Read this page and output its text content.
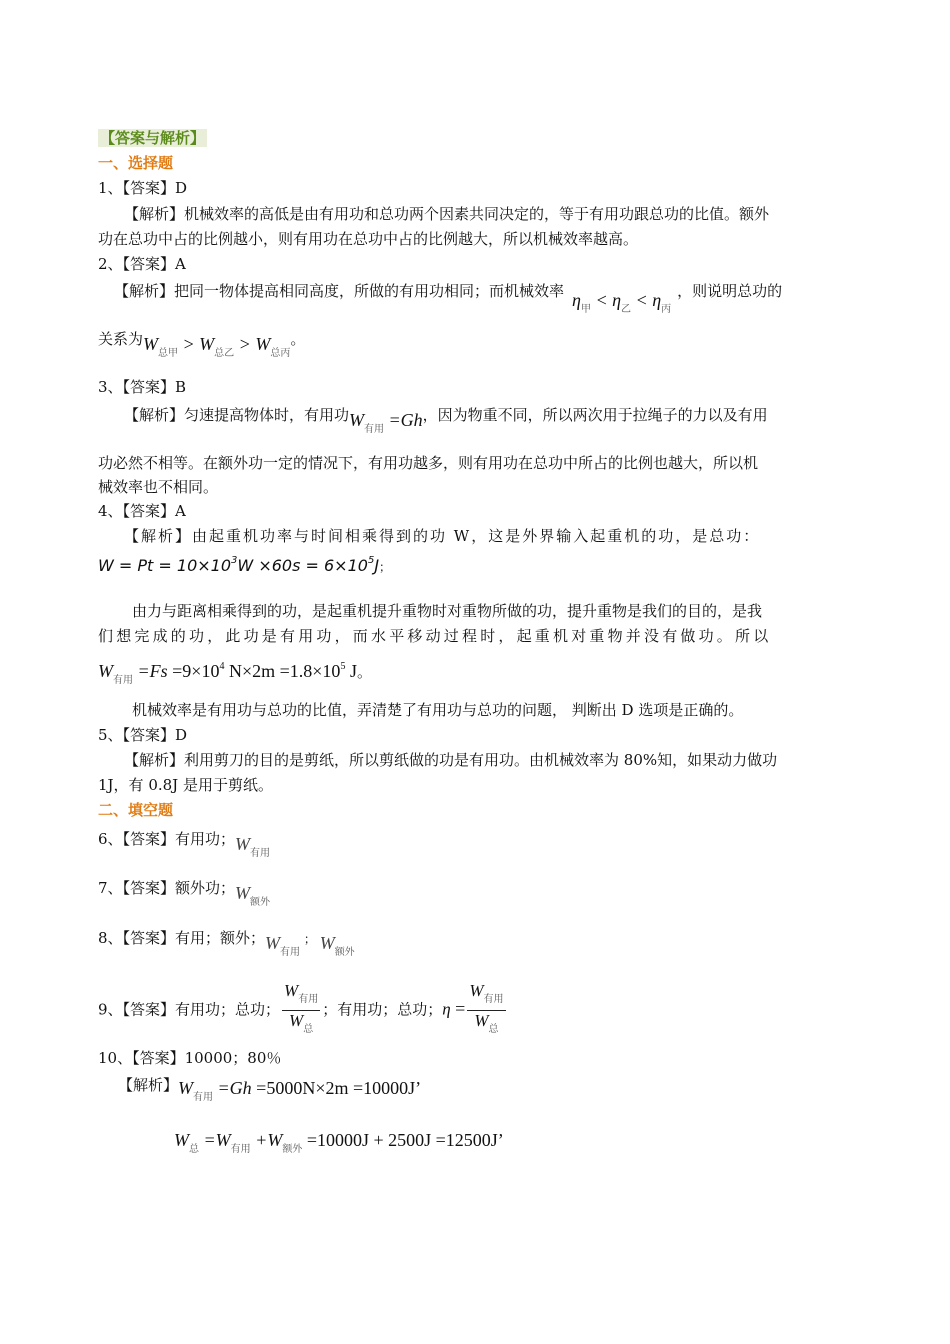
【答案与解析】
一、选择题
1、【答案】D
【解析】机械效率的高低是由有用功和总功两个因素共同决定的，等于有用功跟总功的比值。额外
功在总功中占的比例越小，则有用功在总功中占的比例越大，所以机械效率越高。
2、【答案】A
【解析】把同一物体提高相同高度，所做的有用功相同；而机械效率 $\eta_甲 < \eta_乙 < \eta_丙$，则说明总功的
关系为$W_{总甲} > W_{总乙} > W_{总丙}$。
3、【答案】B
【解析】匀速提高物体时，有用功$W_{有用} =Gh$，因为物重不同，所以两次用于拉绳子的力以及有用
功必然不相等。在额外功一定的情况下，有用功越多，则有用功在总功中所占的比例也越大，所以机
械效率也不相同。
4、【答案】A
【解析】由起重机功率与时间相乘得到的功 W，这是外界输入起重机的功，是总功：
$W = Pt = 10\times 10^3W \times 60s = 6\times 10^5J$；
由力与距离相乘得到的功，是起重机提升重物时对重物所做的功，提升重物是我们的目的，是我
们想完成的功，此功是有用功，而水平移动过程时，起重机对重物并没有做功。所以
$W_{有用} =Fs =9\times 10^4$ $N\times 2m =1.8\times 10^5$ J。
机械效率是有用功与总功的比值，弄清楚了有用功与总功的问题， 判断出 D 选项是正确的。
5、【答案】D
【解析】利用剪刀的目的是剪纸，所以剪纸做的功是有用功。由机械效率为 80%知，如果动力做功
1J，有 0.8J 是用于剪纸。
二、填空题
6、【答案】有用功；$W_{有用}$
7、【答案】额外功；$W_{额外}$
8、【答案】有用；额外；$W_{有用}$ ； $W_{额外}$
9、【答案】有用功；总功； $\frac{W_{有用}}{W_总}$ ；有用功；总功；$\eta = \frac{W_{有用}}{W_总}$
10、【答案】10000；80％
【解析】$W_{有用} =Gh =5000N\times 2m =10000J$’
$W_总 =W_{有用} +W_{额外} =10000J + 2500J =12500J$’
